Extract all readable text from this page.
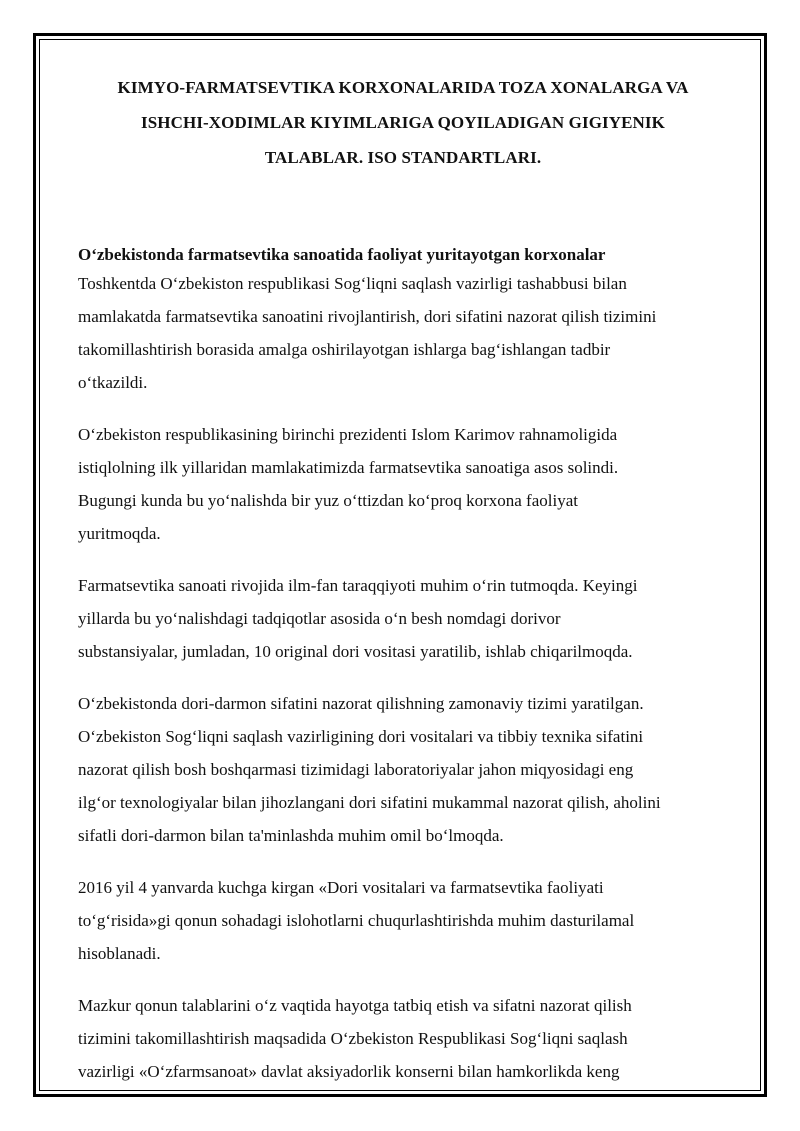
KIMYO-FARMATSEVTIKA KORXONALARIDA TOZA XONALARGA VA
ISHCHI-XODIMLAR KIYIMLARIGA QOYILADIGAN GIGIYENIK
TALABLAR. ISO STANDARTLARI.
O‘zbekistonda farmatsevtika sanoatida faoliyat yuritayotgan korxonalar

Toshkentda O‘zbekiston respublikasi Sog‘liqni saqlash vazirligi tashabbusi bilan
mamlakatda farmatsevtika sanoatini rivojlantirish, dori sifatini nazorat qilish tizimini
takomillashtirish borasida amalga oshirilayotgan ishlarga bag‘ishlangan tadbir
o‘tkazildi.

O‘zbekiston respublikasining birinchi prezidenti Islom Karimov rahnamoligida
istiqlolning ilk yillaridan mamlakatimizda farmatsevtika sanoatiga asos solindi.
Bugungi kunda bu yo‘nalishda bir yuz o‘ttizdan ko‘proq korxona faoliyat
yuritmoqda.

Farmatsevtika sanoati rivojida ilm-fan taraqqiyoti muhim o‘rin tutmoqda. Keyingi
yillarda bu yo‘nalishdagi tadqiqotlar asosida o‘n besh nomdagi dorivor
substansiyalar, jumladan, 10 original dori vositasi yaratilib, ishlab chiqarilmoqda.

O‘zbekistonda dori-darmon sifatini nazorat qilishning zamonaviy tizimi yaratilgan.
O‘zbekiston Sog‘liqni saqlash vazirligining dori vositalari va tibbiy texnika sifatini
nazorat qilish bosh boshqarmasi tizimidagi laboratoriyalar jahon miqyosidagi eng
ilg‘or texnologiyalar bilan jihozlangani dori sifatini mukammal nazorat qilish, aholini
sifatli dori-darmon bilan ta'minlashda muhim omil bo‘lmoqda.

2016 yil 4 yanvarda kuchga kirgan «Dori vositalari va farmatsevtika faoliyati
to‘g‘risida»gi qonun sohadagi islohotlarni chuqurlashtirishda muhim dasturilamal
hisoblanadi.

Mazkur qonun talablarini o‘z vaqtida hayotga tatbiq etish va sifatni nazorat qilish
tizimini takomillashtirish maqsadida O‘zbekiston Respublikasi Sog‘liqni saqlash
vazirligi «O‘zfarmsanoat» davlat aksiyadorlik konserni bilan hamkorlikda keng
